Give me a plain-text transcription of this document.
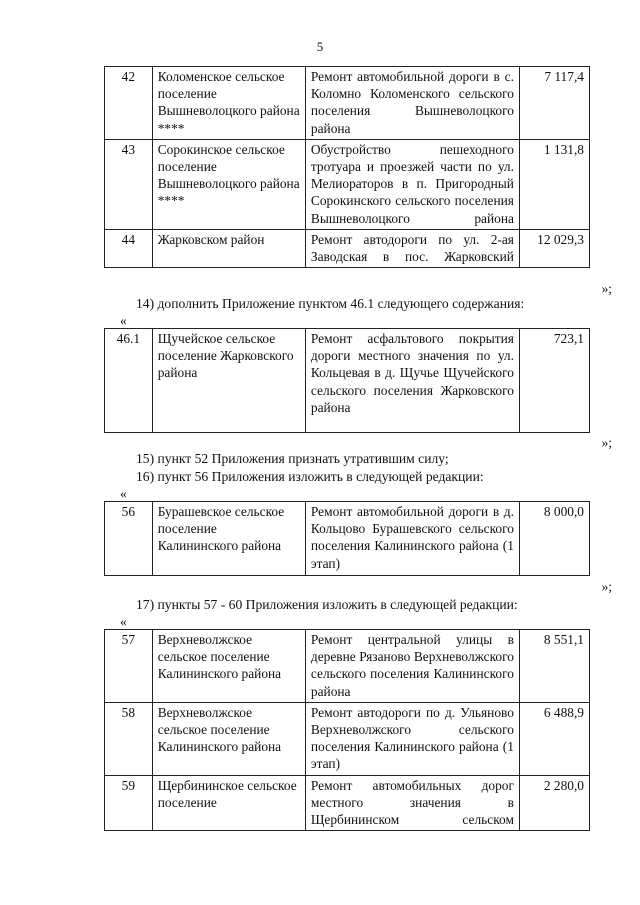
5
42	Коломенское сельское поселение Вышневолоцкого района ****	Ремонт автомобильной дороги в с. Коломно Коломенского сельского поселения Вышневолоцкого района	7 117,4
43	Сорокинское сельское поселение Вышневолоцкого района ****	Обустройство пешеходного тротуара и проезжей части по ул. Мелиораторов в п. Пригородный Сорокинского сельского поселения Вышневолоцкого района	1 131,8
44	Жарковском район	Ремонт автодороги по ул. 2-ая Заводская в пос. Жарковский	12 029,3
»;
14) дополнить Приложение пунктом 46.1 следующего содержания:
«
46.1	Щучейское сельское поселение Жарковского района	Ремонт асфальтового покрытия дороги местного значения по ул. Кольцевая в д. Щучье Щучейского сельского поселения Жарковского района	723,1
»;
15) пункт 52 Приложения признать утратившим силу;
16) пункт 56 Приложения изложить в следующей редакции:
«
56	Бурашевское сельское поселение Калининского района	Ремонт автомобильной дороги в д. Кольцово Бурашевского сельского поселения Калининского района (1 этап)	8 000,0
»;
17) пункты 57 - 60 Приложения изложить в следующей редакции:
«
57	Верхневолжское сельское поселение Калининского района	Ремонт центральной улицы в деревне Рязаново Верхневолжского сельского поселения Калининского района	8 551,1
58	Верхневолжское сельское поселение Калининского района	Ремонт автодороги по д. Ульяново Верхневолжского сельского поселения Калининского района (1 этап)	6 488,9
59	Щербининское сельское поселение	Ремонт автомобильных дорог местного значения в Щербининском сельском	2 280,0
